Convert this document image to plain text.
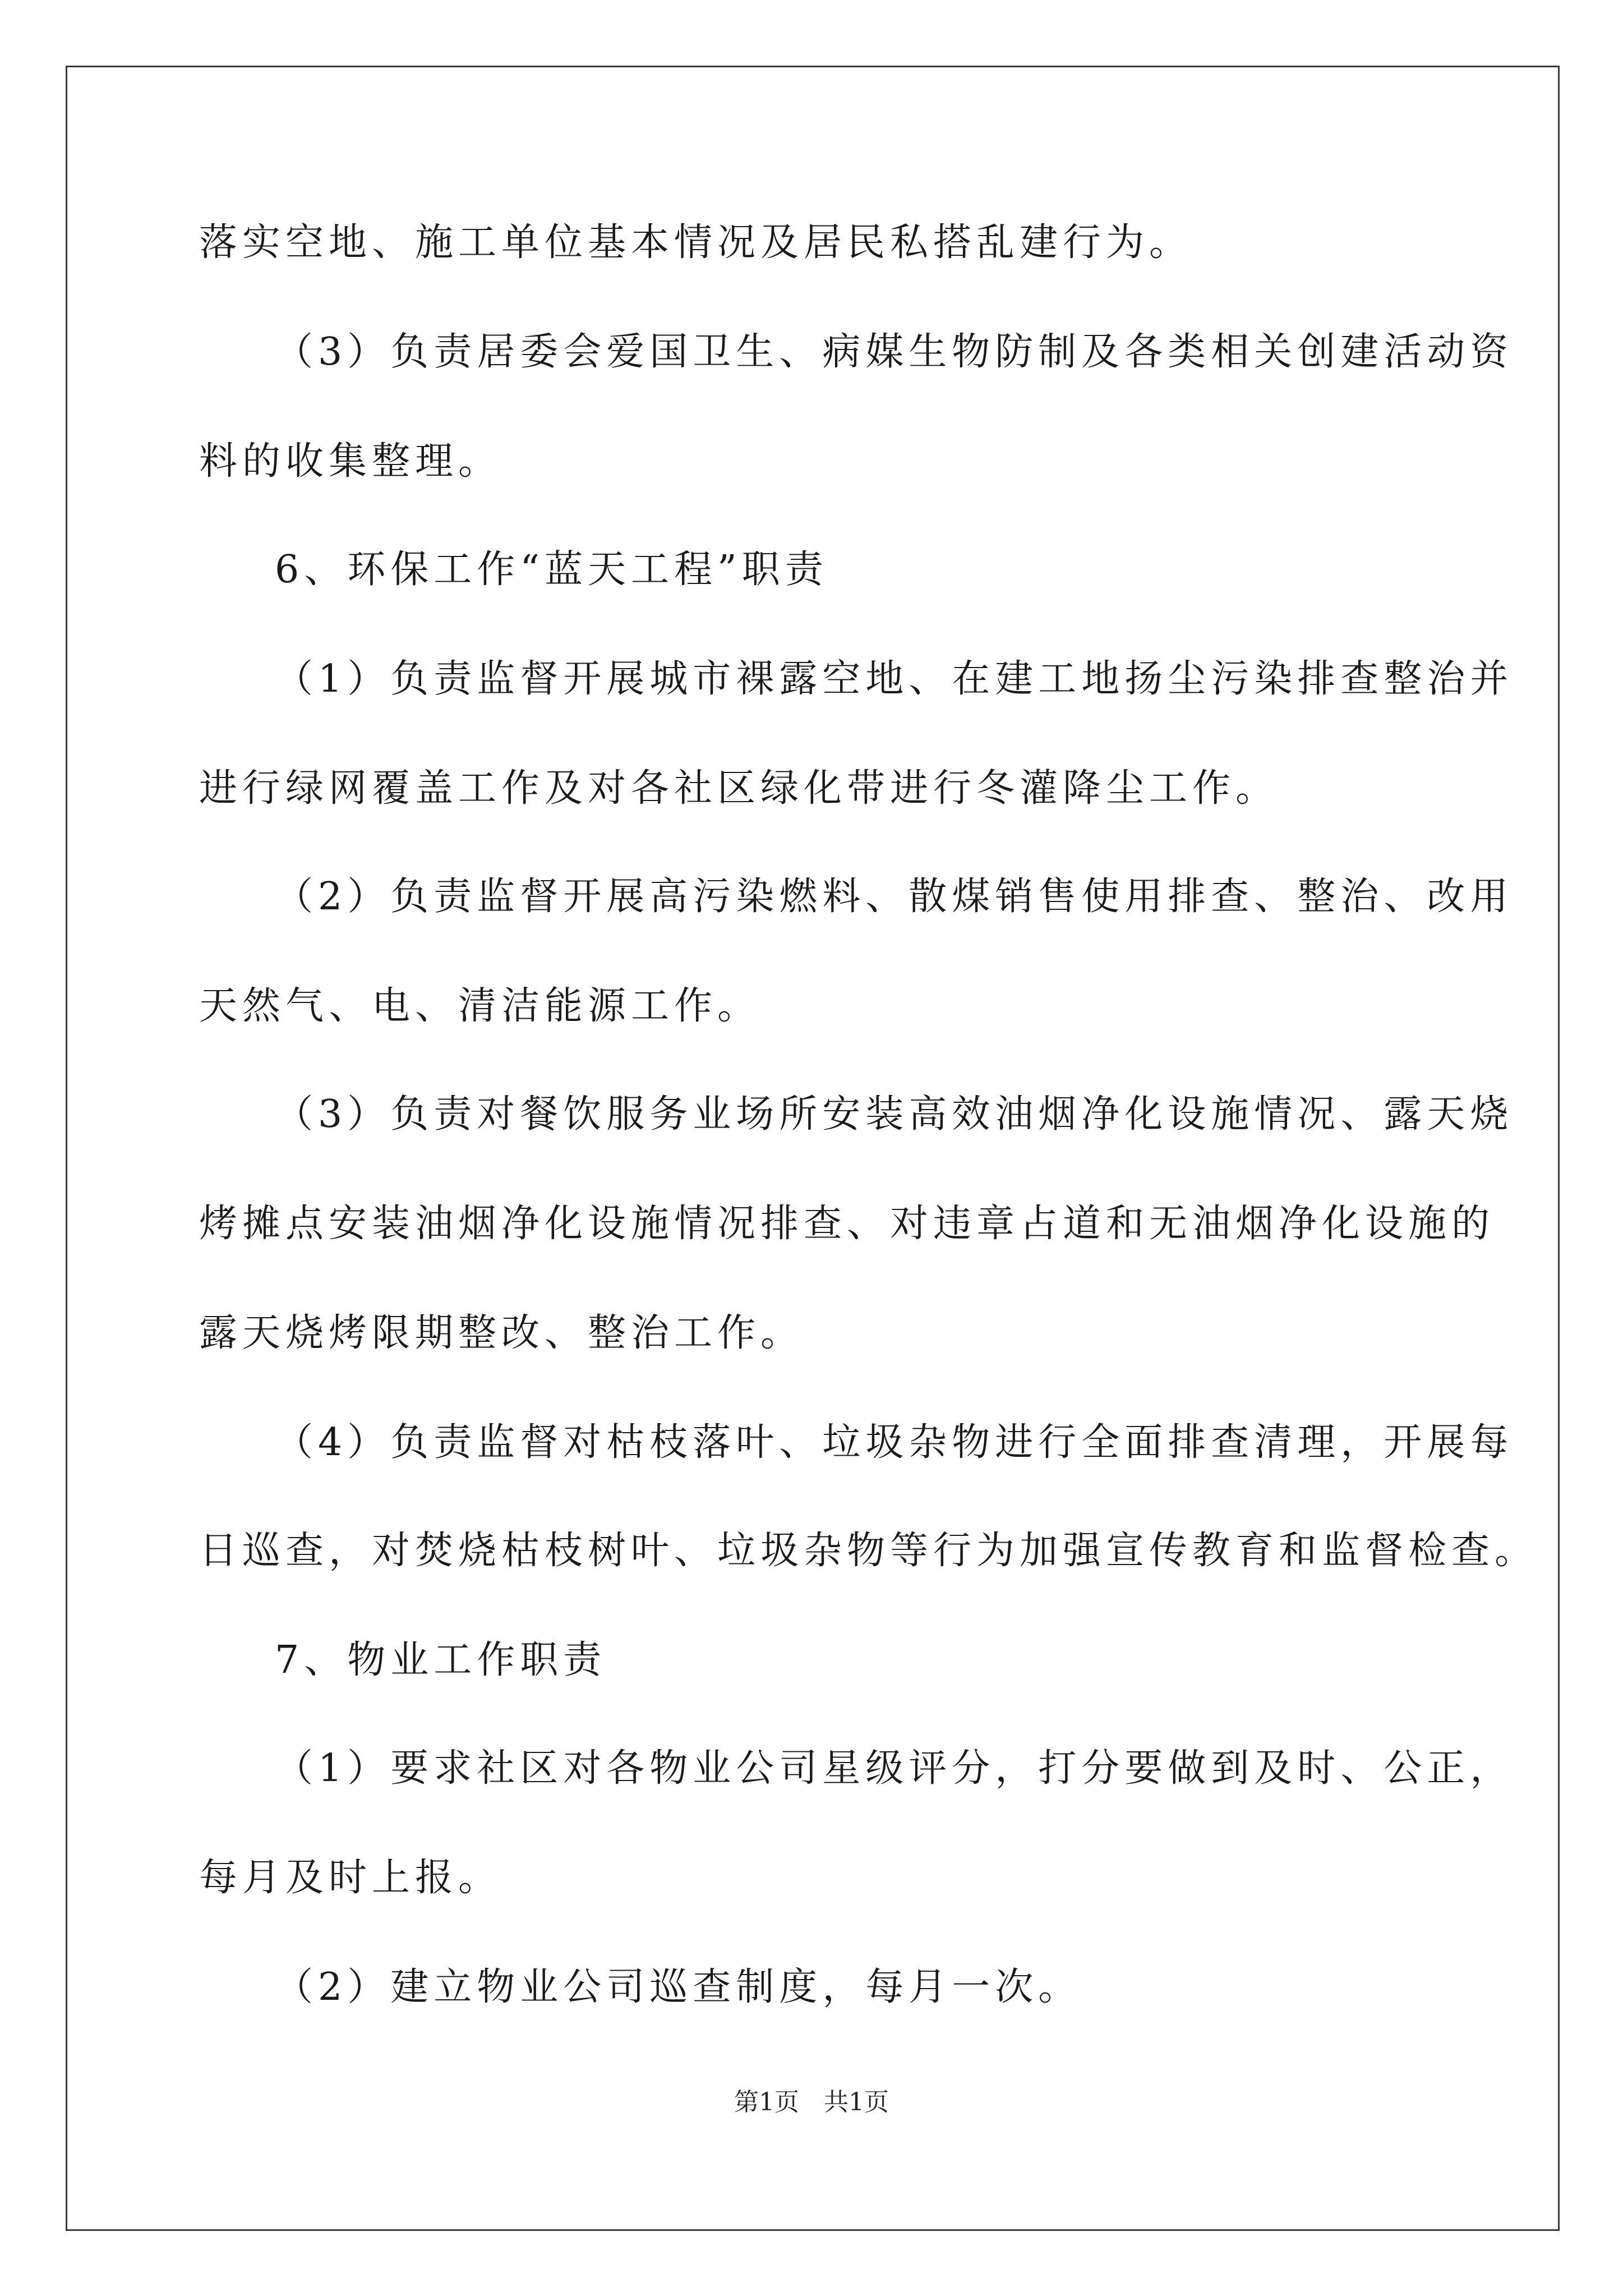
落实空地、施工单位基本情况及居民私搭乱建行为。

（3）负责居委会爱国卫生、病媒生物防制及各类相关创建活动资

料的收集整理。

6、环保工作“蓝天工程”职责

（1）负责监督开展城市裸露空地、在建工地扬尘污染排查整治并

进行绿网覆盖工作及对各社区绿化带进行冬灌降尘工作。

（2）负责监督开展高污染燃料、散煤销售使用排查、整治、改用

天然气、电、清洁能源工作。

（3）负责对餐饮服务业场所安装高效油烟净化设施情况、露天烧

烤摊点安装油烟净化设施情况排查、对违章占道和无油烟净化设施的

露天烧烤限期整改、整治工作。

（4）负责监督对枯枝落叶、垃圾杂物进行全面排查清理，开展每

日巡查，对焚烧枯枝树叶、垃圾杂物等行为加强宣传教育和监督检查。

7、物业工作职责

（1）要求社区对各物业公司星级评分，打分要做到及时、公正，

每月及时上报。

（2）建立物业公司巡查制度，每月一次。

第1页　共1页
